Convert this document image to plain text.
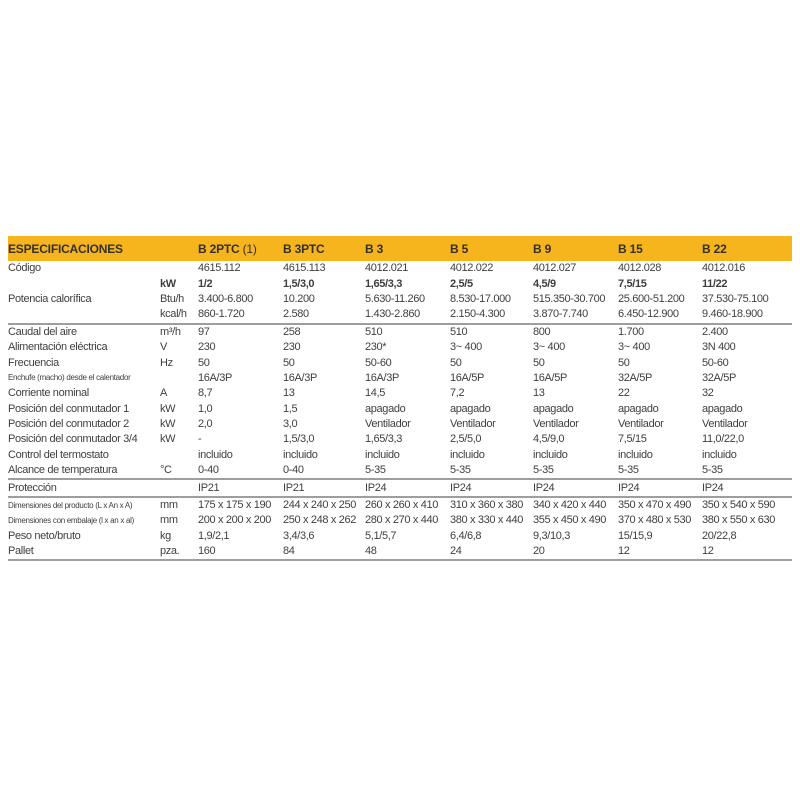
ESPECIFICACIONES		B 2PTC (1)	B 3PTC	B 3	B 5	B 9	B 15	B 22
Código		4615.112	4615.113	4012.021	4012.022	4012.027	4012.028	4012.016
	kW	1/2	1,5/3,0	1,65/3,3	2,5/5	4,5/9	7,5/15	11/22
Potencia calorífica	Btu/h	3.400-6.800	10.200	5.630-11.260	8.530-17.000	515.350-30.700	25.600-51.200	37.530-75.100
	kcal/h	860-1.720	2.580	1.430-2.860	2.150-4.300	3.870-7.740	6.450-12.900	9.460-18.900
Caudal del aire	m³/h	97	258	510	510	800	1.700	2.400
Alimentación eléctrica	V	230	230	230*	3~ 400	3~ 400	3~ 400	3N 400
Frecuencia	Hz	50	50	50-60	50	50	50	50-60
Enchufe (macho) desde el calentador		16A/3P	16A/3P	16A/3P	16A/5P	16A/5P	32A/5P	32A/5P
Corriente nominal	A	8,7	13	14,5	7,2	13	22	32
Posición del conmutador 1	kW	1,0	1,5	apagado	apagado	apagado	apagado	apagado
Posición del conmutador 2	kW	2,0	3,0	Ventilador	Ventilador	Ventilador	Ventilador	Ventilador
Posición del conmutador 3/4	kW	-	1,5/3,0	1,65/3,3	2,5/5,0	4,5/9,0	7,5/15	11,0/22,0
Control del termostato		incluido	incluido	incluido	incluido	incluido	incluido	incluido
Alcance de temperatura	°C	0-40	0-40	5-35	5-35	5-35	5-35	5-35
Protección		IP21	IP21	IP24	IP24	IP24	IP24	IP24
Dimensiones del producto (L x An x A)	mm	175 x 175 x 190	244 x 240 x 250	260 x 260 x 410	310 x 360 x 380	340 x 420 x 440	350 x 470 x 490	350 x 540 x 590
Dimensiones con embalaje (l x an x al)	mm	200 x 200 x 200	250 x 248 x 262	280 x 270 x 440	380 x 330 x 440	355 x 450 x 490	370 x 480 x 530	380 x 550 x 630
Peso neto/bruto	kg	1,9/2,1	3,4/3,6	5,1/5,7	6,4/6,8	9,3/10,3	15/15,9	20/22,8
Pallet	pza.	160	84	48	24	20	12	12
